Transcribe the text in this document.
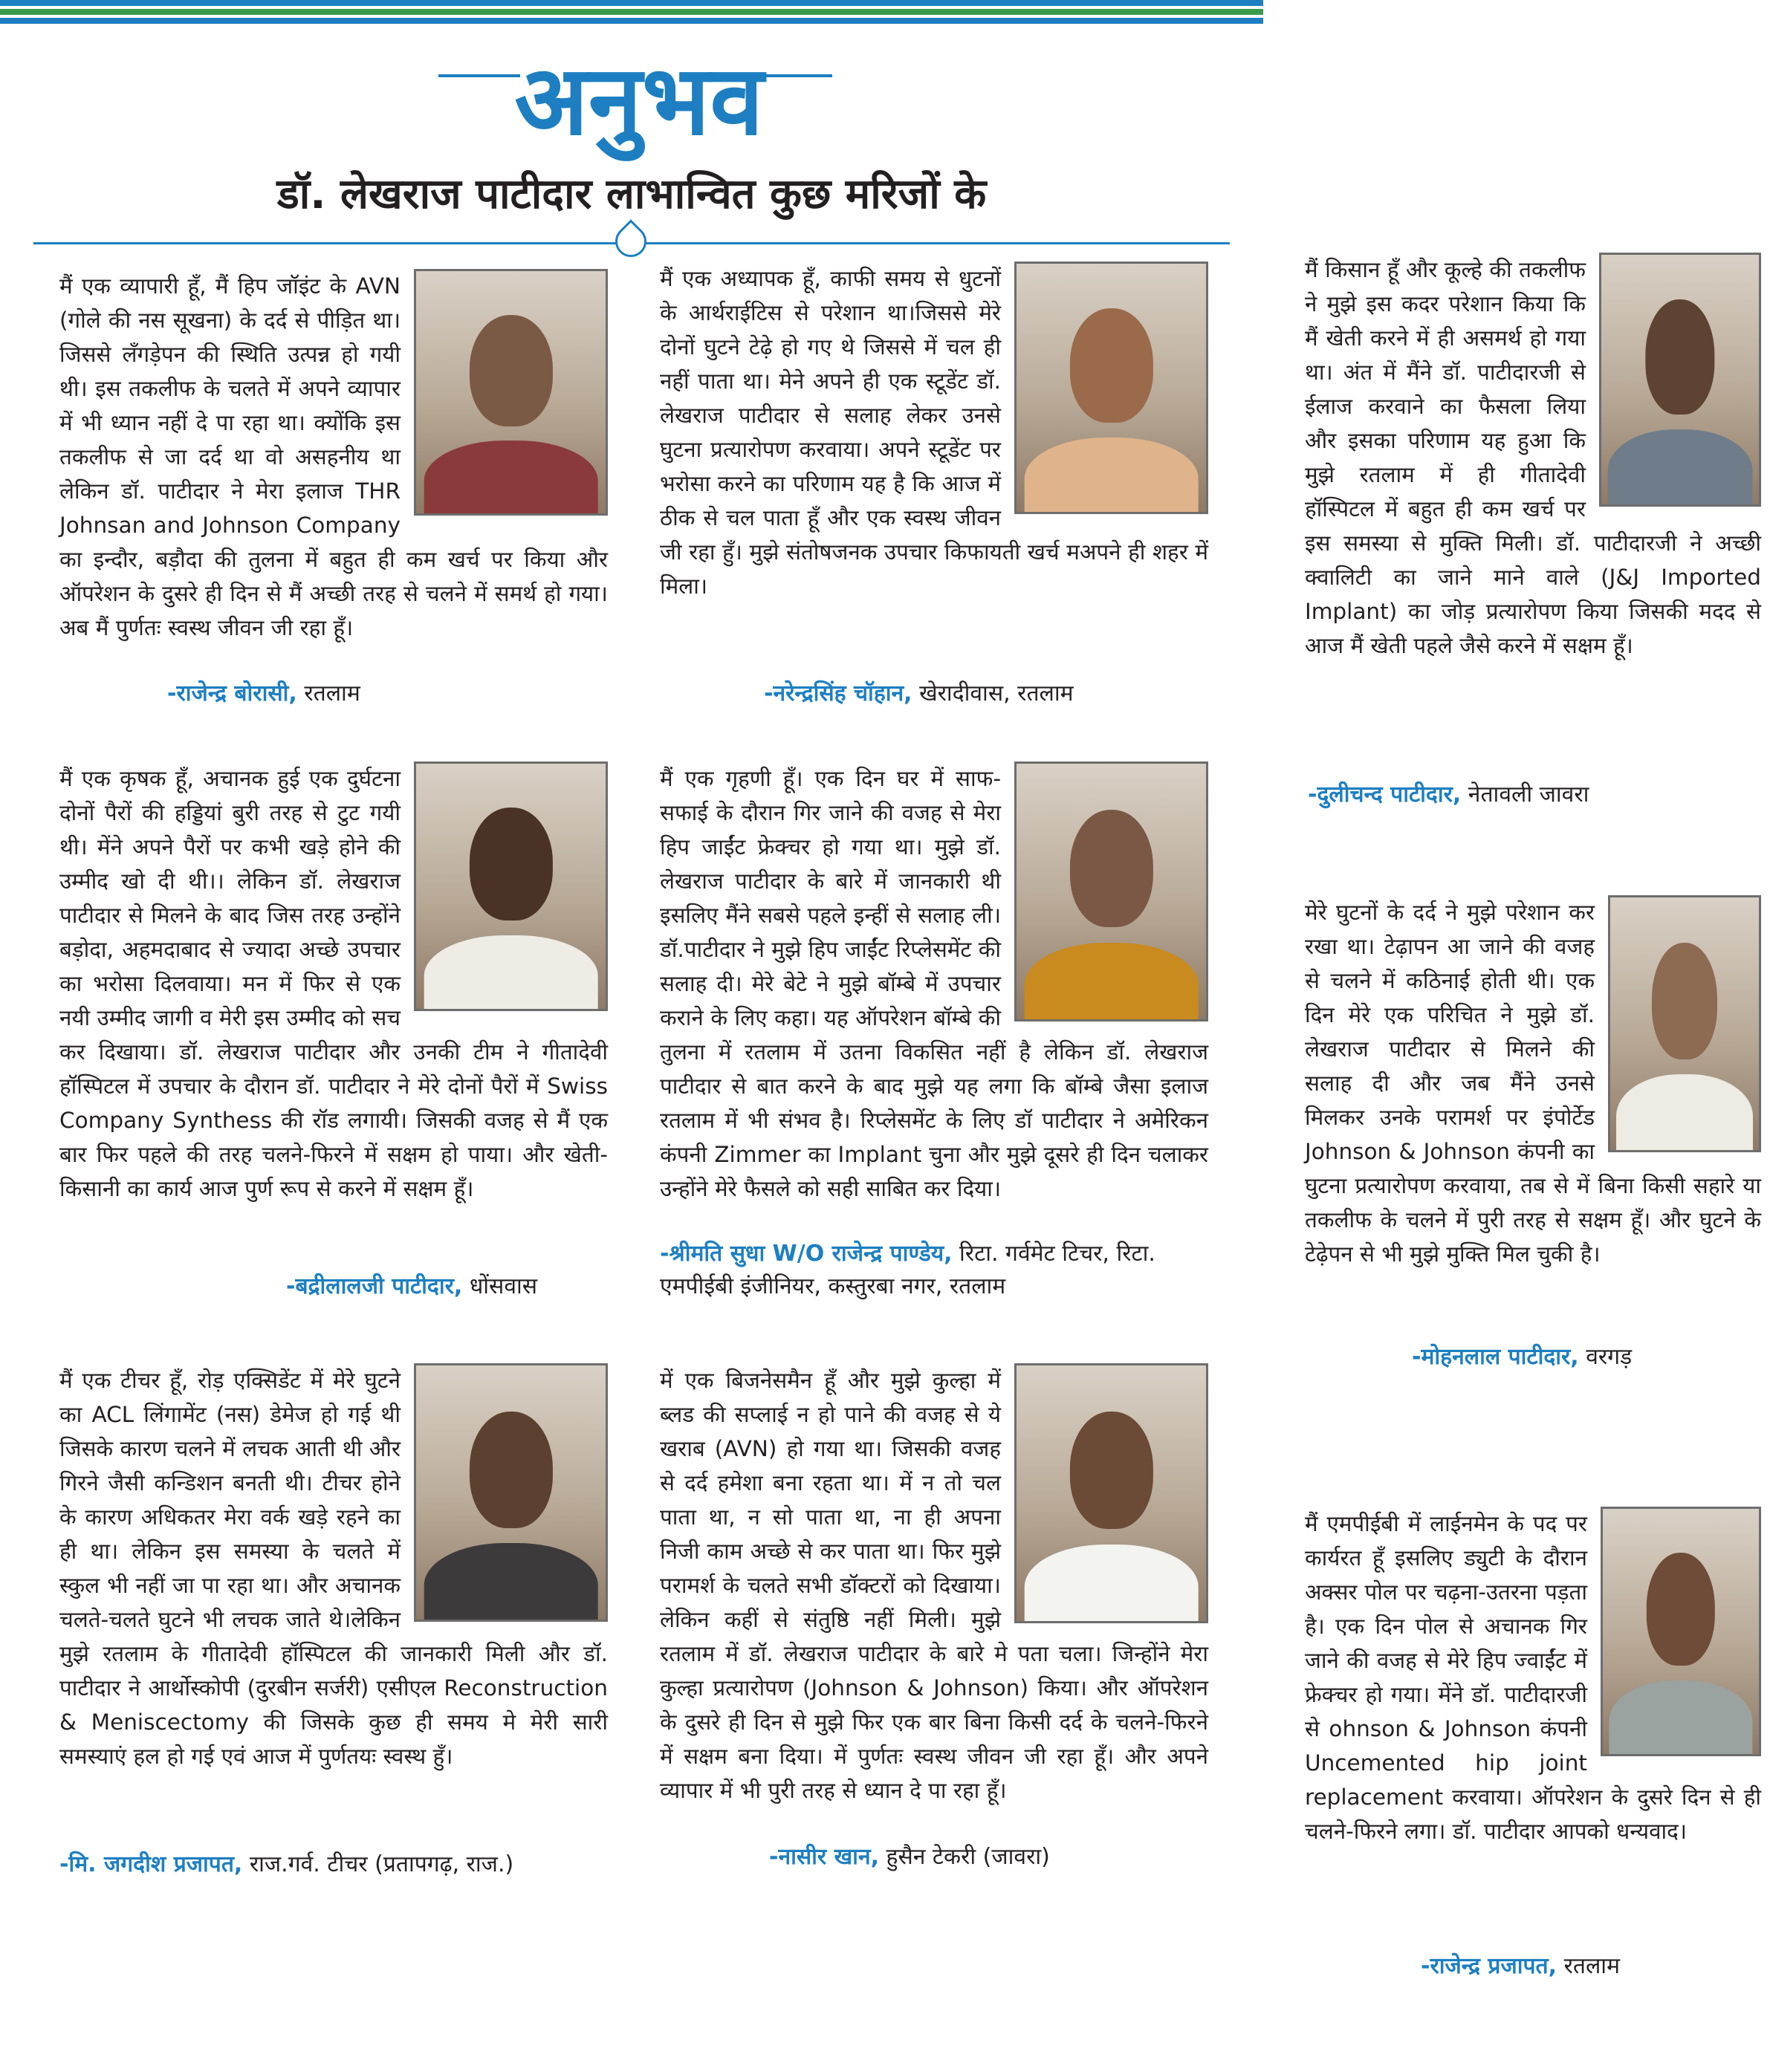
अनुभव
डॉ. लेखराज पाटीदार लाभान्वित कुछ मरिजों के

मैं एक व्यापारी हूँ, मैं हिप जॉइंट के AVN (गोले की नस सूखना) के दर्द से पीड़ित था। जिससे लँगड़ेपन की स्थिति उत्पन्न हो गयी थी। इस तकलीफ के चलते में अपने व्यापार में भी ध्यान नहीं दे पा रहा था। क्योंकि इस तकलीफ से जा दर्द था वो असहनीय था लेकिन डॉ. पाटीदार ने मेरा इलाज THR Johnsan and Johnson Company का इन्दौर, बड़ौदा की तुलना में बहुत ही कम खर्च पर किया और ऑपरेशन के दुसरे ही दिन से मैं अच्छी तरह से चलने में समर्थ हो गया। अब मैं पुर्णतः स्वस्थ जीवन जी रहा हूँ।

-राजेन्द्र बोरासी, रतलाम

मैं एक अध्यापक हूँ, काफी समय से धुटनों के आर्थराईटिस से परेशान था।जिससे मेरे दोनों घुटने टेढ़े हो गए थे जिससे में चल ही नहीं पाता था। मेने अपने ही एक स्टूडेंट डॉ. लेखराज पाटीदार से सलाह लेकर उनसे घुटना प्रत्यारोपण करवाया। अपने स्टूडेंट पर भरोसा करने का परिणाम यह है कि आज में ठीक से चल पाता हूँ और एक स्वस्थ जीवन जी रहा हुँ। मुझे संतोषजनक उपचार किफायती खर्च मअपने ही शहर में मिला।

-नरेन्द्रसिंह चॉहान, खेरादीवास, रतलाम

मैं किसान हूँ और कूल्हे की तकलीफ ने मुझे इस कदर परेशान किया कि मैं खेती करने में ही असमर्थ हो गया था। अंत में मैंने डॉ. पाटीदारजी से ईलाज करवाने का फैसला लिया और इसका परिणाम यह हुआ कि मुझे रतलाम में ही गीतादेवी हॉस्पिटल में बहुत ही कम खर्च पर इस समस्या से मुक्ति मिली। डॉ. पाटीदारजी ने अच्छी क्वालिटी का जाने माने वाले (J&J Imported Implant) का जोड़ प्रत्यारोपण किया जिसकी मदद से आज मैं खेती पहले जैसे करने में सक्षम हूँ।

-दुलीचन्द पाटीदार, नेतावली जावरा

मैं एक कृषक हूँ, अचानक हुई एक दुर्घटना दोनों पैरों की हड्डियां बुरी तरह से टुट गयी थी। मेंने अपने पैरों पर कभी खड़े होने की उम्मीद खो दी थी।। लेकिन डॉ. लेखराज पाटीदार से मिलने के बाद जिस तरह उन्होंने बड़ोदा, अहमदाबाद से ज्यादा अच्छे उपचार का भरोसा दिलवाया। मन में फिर से एक नयी उम्मीद जागी व मेरी इस उम्मीद को सच कर दिखाया। डॉ. लेखराज पाटीदार और उनकी टीम ने गीतादेवी हॉस्पिटल में उपचार के दौरान डॉ. पाटीदार ने मेरे दोनों पैरों में Swiss Company Synthess की रॉड लगायी। जिसकी वजह से मैं एक बार फिर पहले की तरह चलने-फिरने में सक्षम हो पाया। और खेती-किसानी का कार्य आज पुर्ण रूप से करने में सक्षम हूँ।

-बद्रीलालजी पाटीदार, धोंसवास

मैं एक गृहणी हूँ। एक दिन घर में साफ-सफाई के दौरान गिर जाने की वजह से मेरा हिप जाईंट फ्रेक्चर हो गया था। मुझे डॉ. लेखराज पाटीदार के बारे में जानकारी थी इसलिए मैंने सबसे पहले इन्हीं से सलाह ली। डॉ.पाटीदार ने मुझे हिप जाईंट रिप्लेसमेंट की सलाह दी। मेरे बेटे ने मुझे बॉम्बे में उपचार कराने के लिए कहा। यह ऑपरेशन बॉम्बे की तुलना में रतलाम में उतना विकसित नहीं है लेकिन डॉ. लेखराज पाटीदार से बात करने के बाद मुझे यह लगा कि बॉम्बे जैसा इलाज रतलाम में भी संभव है। रिप्लेसमेंट के लिए डॉ पाटीदार ने अमेरिकन कंपनी Zimmer का Implant चुना और मुझे दूसरे ही दिन चलाकर उन्होंने मेरे फैसले को सही साबित कर दिया।

-श्रीमति सुधा W/O राजेन्द्र पाण्डेय, रिटा. गर्वमेट टिचर, रिटा. एमपीईबी इंजीनियर, कस्तुरबा नगर, रतलाम

मेरे घुटनों के दर्द ने मुझे परेशान कर रखा था। टेढ़ापन आ जाने की वजह से चलने में कठिनाई होती थी। एक दिन मेरे एक परिचित ने मुझे डॉ. लेखराज पाटीदार से मिलने की सलाह दी और जब मैंने उनसे मिलकर उनके परामर्श पर इंपोर्टेड Johnson & Johnson कंपनी का घुटना प्रत्यारोपण करवाया, तब से में बिना किसी सहारे या तकलीफ के चलने में पुरी तरह से सक्षम हूँ। और घुटने के टेढ़ेपन से भी मुझे मुक्ति मिल चुकी है।

-मोहनलाल पाटीदार, वरगड़

मैं एक टीचर हूँ, रोड़ एक्सिडेंट में मेरे घुटने का ACL लिंगामेंट (नस) डेमेज हो गई थी जिसके कारण चलने में लचक आती थी और गिरने जैसी कन्डिशन बनती थी। टीचर होने के कारण अधिकतर मेरा वर्क खड़े रहने का ही था। लेकिन इस समस्या के चलते में स्कुल भी नहीं जा पा रहा था। और अचानक चलते-चलते घुटने भी लचक जाते थे।लेकिन मुझे रतलाम के गीतादेवी हॉस्पिटल की जानकारी मिली और डॉ. पाटीदार ने आर्थोस्कोपी (दुरबीन सर्जरी) एसीएल Reconstruction & Meniscectomy की जिसके कुछ ही समय मे मेरी सारी समस्याएं हल हो गई एवं आज में पुर्णतयः स्वस्थ हुँ।

-मि. जगदीश प्रजापत, राज.गर्व. टीचर (प्रतापगढ़, राज.)

में एक बिजनेसमैन हूँ और मुझे कुल्हा में ब्लड की सप्लाई न हो पाने की वजह से ये खराब (AVN) हो गया था। जिसकी वजह से दर्द हमेशा बना रहता था। में न तो चल पाता था, न सो पाता था, ना ही अपना निजी काम अच्छे से कर पाता था। फिर मुझे परामर्श के चलते सभी डॉक्टरों को दिखाया। लेकिन कहीं से संतुष्ठि नहीं मिली। मुझे रतलाम में डॉ. लेखराज पाटीदार के बारे मे पता चला। जिन्होंने मेरा कुल्हा प्रत्यारोपण (Johnson & Johnson) किया। और ऑपरेशन के दुसरे ही दिन से मुझे फिर एक बार बिना किसी दर्द के चलने-फिरने में सक्षम बना दिया। में पुर्णतः स्वस्थ जीवन जी रहा हूँ। और अपने व्यापार में भी पुरी तरह से ध्यान दे पा रहा हूँ।

-नासीर खान, हुसैन टेकरी (जावरा)

मैं एमपीईबी में लाईनमेन के पद पर कार्यरत हूँ इसलिए ड्युटी के दौरान अक्सर पोल पर चढ़ना-उतरना पड़ता है। एक दिन पोल से अचानक गिर जाने की वजह से मेरे हिप ज्वाईंट में फ्रेक्चर हो गया। मेंने डॉ. पाटीदारजी से ohnson & Johnson कंपनी Uncemented hip joint replacement करवाया। ऑपरेशन के दुसरे दिन से ही चलने-फिरने लगा। डॉ. पाटीदार आपको धन्यवाद।

-राजेन्द्र प्रजापत, रतलाम
